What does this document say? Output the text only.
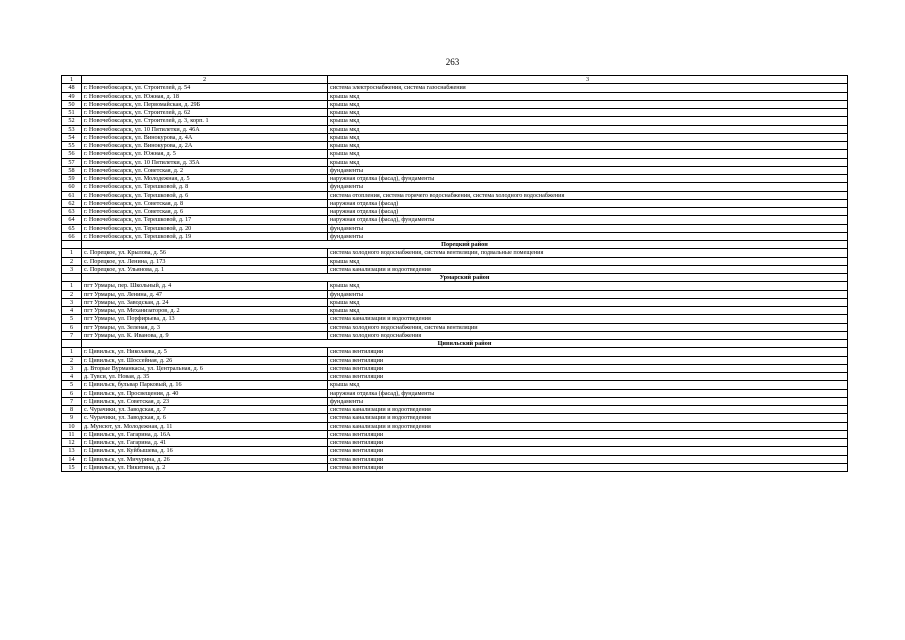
263
1	2	3
48	г. Новочебоксарск, ул. Строителей, д. 54	система электроснабжения, система газоснабжения
49	г. Новочебоксарск, ул. Южная, д. 18	крыша мкд
50	г. Новочебоксарск, ул. Первомайская, д. 29Б	крыша мкд
51	г. Новочебоксарск, ул. Строителей, д. 62	крыша мкд
52	г. Новочебоксарск, ул. Строителей, д. 3, корп. 1	крыша мкд
53	г. Новочебоксарск, ул. 10 Пятилетки, д. 46А	крыша мкд
54	г. Новочебоксарск, ул. Винокурова, д. 4А	крыша мкд
55	г. Новочебоксарск, ул. Винокурова, д. 2А	крыша мкд
56	г. Новочебоксарск, ул. Южная, д. 5	крыша мкд
57	г. Новочебоксарск, ул. 10 Пятилетки, д. 35А	крыша мкд
58	г. Новочебоксарск, ул. Советская, д. 2	фундаменты
59	г. Новочебоксарск, ул. Молодежная, д. 5	наружная отделка (фасад), фундаменты
60	г. Новочебоксарск, ул. Терешковой, д. 8	фундаменты
61	г. Новочебоксарск, ул. Терешковой, д. 6	система отопления, система горячего водоснабжения, система холодного водоснабжения
62	г. Новочебоксарск, ул. Советская, д. 8	наружная отделка (фасад)
63	г. Новочебоксарск, ул. Советская, д. 6	наружная отделка (фасад)
64	г. Новочебоксарск, ул. Терешковой, д. 17	наружная отделка (фасад), фундаменты
65	г. Новочебоксарск, ул. Терешковой, д. 20	фундаменты
66	г. Новочебоксарск, ул. Терешковой, д. 19	фундаменты
	Порецкий район	
1	с. Порецкое, ул. Крылова, д. 56	система холодного водоснабжения, система вентиляции, подвальные помещения
2	с. Порецкое, ул. Ленина, д. 173	крыша мкд
3	с. Порецкое, ул. Ульянова, д. 1	система канализации и водоотведения
	Урмарский район	
1	пгт Урмары, пер. Школьный, д. 4	крыша мкд
2	пгт Урмары, ул. Ленина, д. 47	фундаменты
3	пгт Урмары, ул. Заводская, д. 24	крыша мкд
4	пгт Урмары, ул. Механизаторов, д. 2	крыша мкд
5	пгт Урмары, ул. Порфирьева, д. 13	система канализации и водоотведения
6	пгт Урмары, ул. Зеленая, д. 3	система холодного водоснабжения, система вентиляции
7	пгт Урмары, ул. К. Иванова, д. 9	система холодного водоснабжения
	Цивильский район	
1	г. Цивильск, ул. Николаева, д. 5	система вентиляции
2	г. Цивильск, ул. Шоссейная, д. 26	система вентиляции
3	д. Вторые Вурманкасы, ул. Центральная, д. 6	система вентиляции
4	д. Тувси, ул. Новая, д. 35	система вентиляции
5	г. Цивильск, бульвар Парковый, д. 16	крыша мкд
6	г. Цивильск, ул. Просвещения, д. 40	наружная отделка (фасад), фундаменты
7	г. Цивильск, ул. Советская, д. 23	фундаменты
8	с. Чурачики, ул. Заводская, д. 7	система канализации и водоотведения
9	с. Чурачики, ул. Заводская, д. 6	система канализации и водоотведения
10	д. Мунсют, ул. Молодежная, д. 11	система канализации и водоотведения
11	г. Цивильск, ул. Гагарина, д. 16А	система вентиляции
12	г. Цивильск, ул. Гагарина, д. 41	система вентиляции
13	г. Цивильск, ул. Куйбышева, д. 16	система вентиляции
14	г. Цивильск, ул. Мичурина, д. 26	система вентиляции
15	г. Цивильск, ул. Никитина, д. 2	система вентиляции
